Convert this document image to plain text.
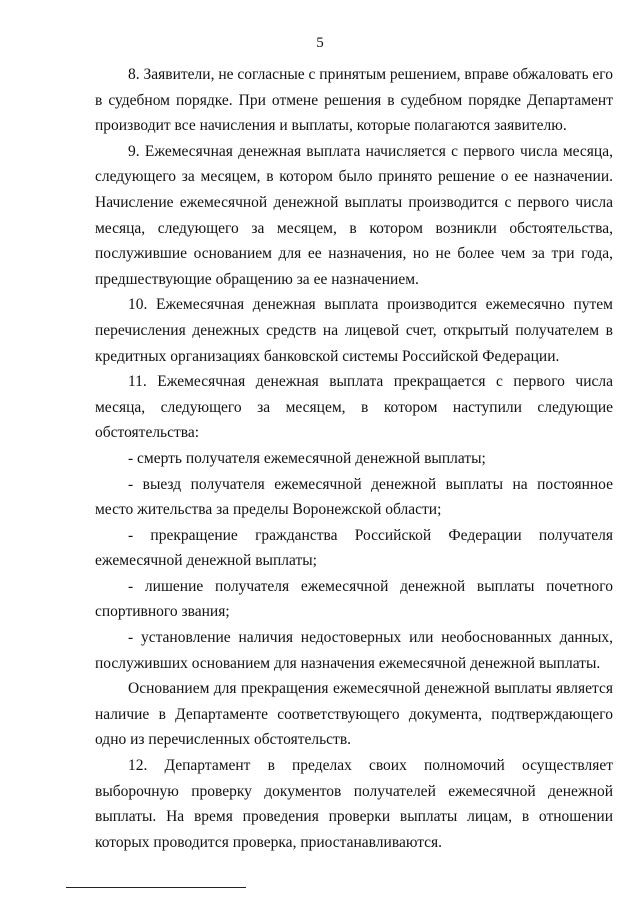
5

8. Заявители, не согласные с принятым решением, вправе обжаловать его в судебном порядке. При отмене решения в судебном порядке Департамент производит все начисления и выплаты, которые полагаются заявителю.

9. Ежемесячная денежная выплата начисляется с первого числа месяца, следующего за месяцем, в котором было принято решение о ее назначении. Начисление ежемесячной денежной выплаты производится с первого числа месяца, следующего за месяцем, в котором возникли обстоятельства, послужившие основанием для ее назначения, но не более чем за три года, предшествующие обращению за ее назначением.

10. Ежемесячная денежная выплата производится ежемесячно путем перечисления денежных средств на лицевой счет, открытый получателем в кредитных организациях банковской системы Российской Федерации.

11. Ежемесячная денежная выплата прекращается с первого числа месяца, следующего за месяцем, в котором наступили следующие обстоятельства:

- смерть получателя ежемесячной денежной выплаты;

- выезд получателя ежемесячной денежной выплаты на постоянное место жительства за пределы Воронежской области;

- прекращение гражданства Российской Федерации получателя ежемесячной денежной выплаты;

- лишение получателя ежемесячной денежной выплаты почетного спортивного звания;

- установление наличия недостоверных или необоснованных данных, послуживших основанием для назначения ежемесячной денежной выплаты.

Основанием для прекращения ежемесячной денежной выплаты является наличие в Департаменте соответствующего документа, подтверждающего одно из перечисленных обстоятельств.

12. Департамент в пределах своих полномочий осуществляет выборочную проверку документов получателей ежемесячной денежной выплаты. На время проведения проверки выплаты лицам, в отношении которых проводится проверка, приостанавливаются.
